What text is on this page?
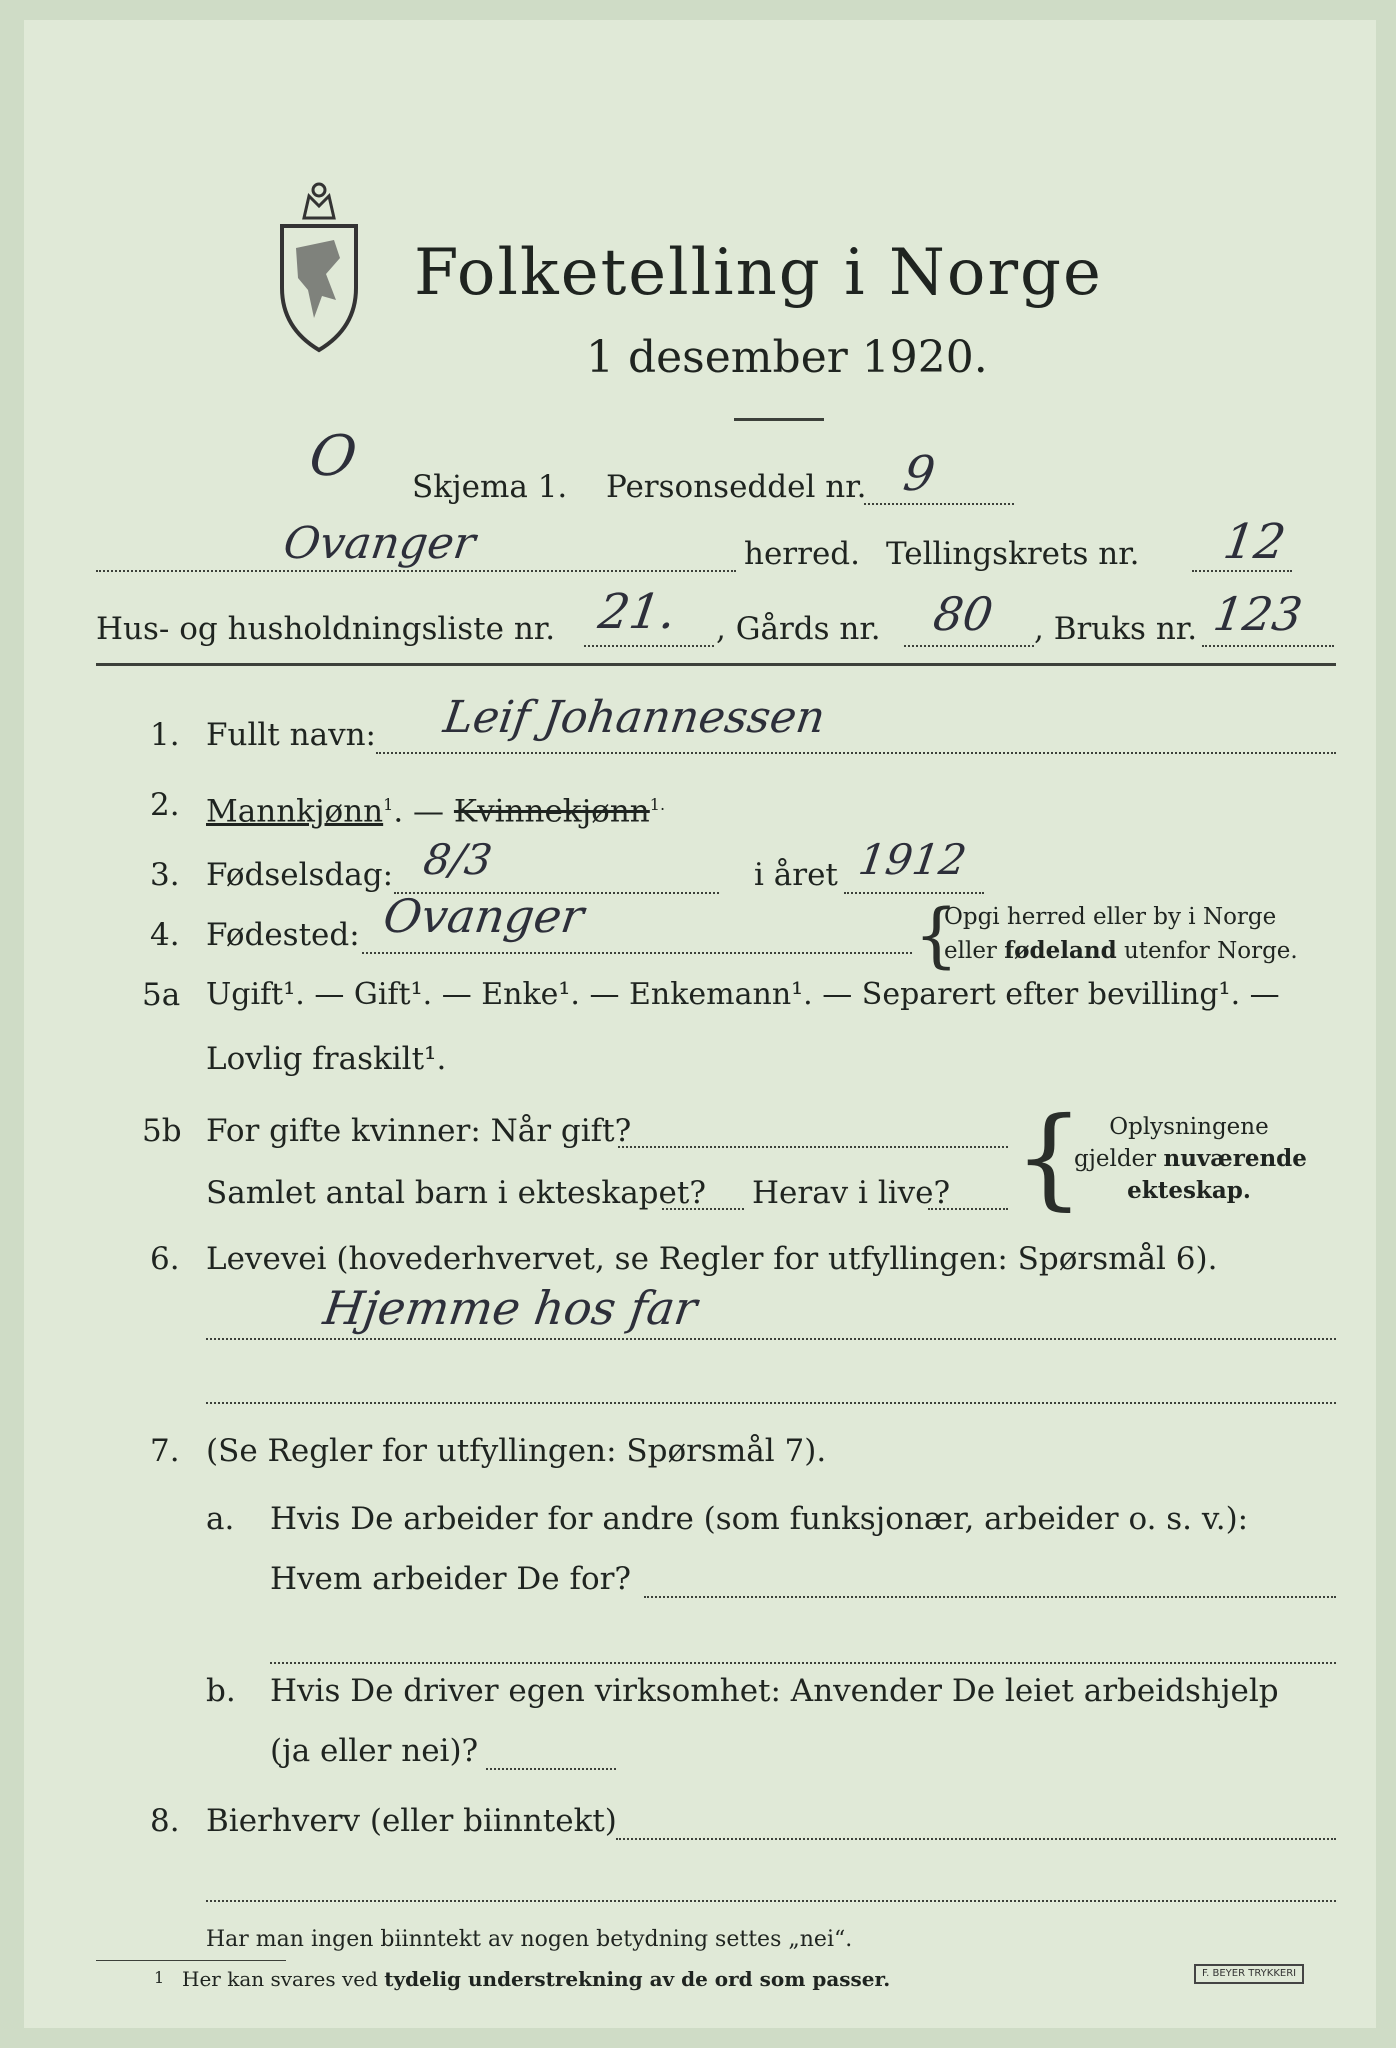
Folketelling i Norge
1 desember 1920.
O Skjema 1. Personseddel nr. 9
Ovanger	herred. Tellingskrets nr. 12
Hus- og husholdningsliste nr. 21. , Gårds nr. 80 , Bruks nr. 123
1. Fullt navn: Leif Johannessen
2. Mannkjønn$^1$. — Kvinnekjønn$^{1.}$
3. Fødselsdag: 8/3	i året 1912
4. Fødested: Ovanger	{
Opgi herred eller by i Norge
eller fødeland utenfor Norge.
5a Ugift¹. — Gift¹. — Enke¹. — Enkemann¹. — Separert efter bevilling¹. —
Lovlig fraskilt¹.
5b For gifte kvinner: Når gift?
Samlet antal barn i ekteskapet? Herav i live? {	Oplysningene
gjelder nuværende
ekteskap.
6. Levevei (hovederhvervet, se Regler for utfyllingen: Spørsmål 6).
Hjemme hos far
7. (Se Regler for utfyllingen: Spørsmål 7).
a. Hvis De arbeider for andre (som funksjonær, arbeider o. s. v.):
Hvem arbeider De for?
b. Hvis De driver egen virksomhet: Anvender De leiet arbeidshjelp
(ja eller nei)?
8. Bierhverv (eller biinntekt)
Har man ingen biinntekt av nogen betydning settes „nei“.
1 Her kan svares ved tydelig understrekning av de ord som passer.	F. BEYER TRYKKERI
